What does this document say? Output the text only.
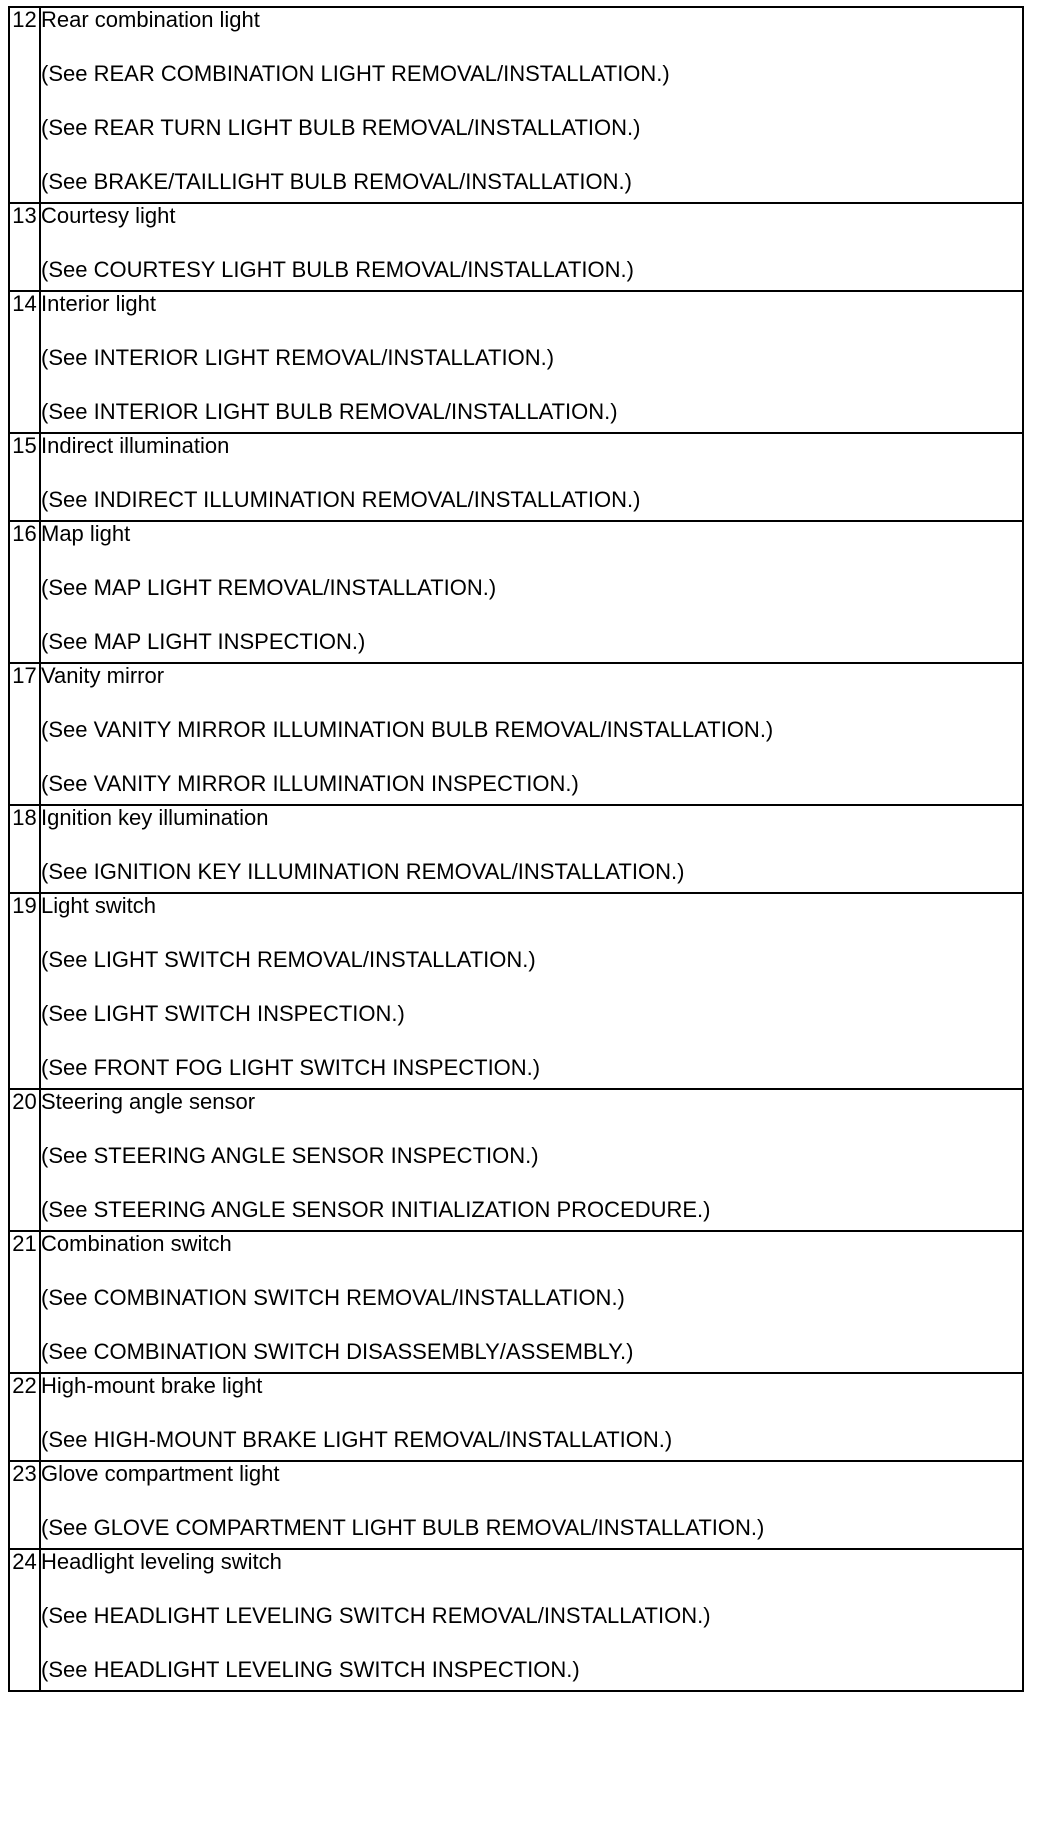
12	Rear combination light
(See REAR COMBINATION LIGHT REMOVAL/INSTALLATION.)
(See REAR TURN LIGHT BULB REMOVAL/INSTALLATION.)
(See BRAKE/TAILLIGHT BULB REMOVAL/INSTALLATION.)

13	Courtesy light
(See COURTESY LIGHT BULB REMOVAL/INSTALLATION.)

14	Interior light
(See INTERIOR LIGHT REMOVAL/INSTALLATION.)
(See INTERIOR LIGHT BULB REMOVAL/INSTALLATION.)

15	Indirect illumination
(See INDIRECT ILLUMINATION REMOVAL/INSTALLATION.)

16	Map light
(See MAP LIGHT REMOVAL/INSTALLATION.)
(See MAP LIGHT INSPECTION.)

17	Vanity mirror
(See VANITY MIRROR ILLUMINATION BULB REMOVAL/INSTALLATION.)
(See VANITY MIRROR ILLUMINATION INSPECTION.)

18	Ignition key illumination
(See IGNITION KEY ILLUMINATION REMOVAL/INSTALLATION.)

19	Light switch
(See LIGHT SWITCH REMOVAL/INSTALLATION.)
(See LIGHT SWITCH INSPECTION.)
(See FRONT FOG LIGHT SWITCH INSPECTION.)

20	Steering angle sensor
(See STEERING ANGLE SENSOR INSPECTION.)
(See STEERING ANGLE SENSOR INITIALIZATION PROCEDURE.)

21	Combination switch
(See COMBINATION SWITCH REMOVAL/INSTALLATION.)
(See COMBINATION SWITCH DISASSEMBLY/ASSEMBLY.)

22	High-mount brake light
(See HIGH-MOUNT BRAKE LIGHT REMOVAL/INSTALLATION.)

23	Glove compartment light
(See GLOVE COMPARTMENT LIGHT BULB REMOVAL/INSTALLATION.)

24	Headlight leveling switch
(See HEADLIGHT LEVELING SWITCH REMOVAL/INSTALLATION.)
(See HEADLIGHT LEVELING SWITCH INSPECTION.)
